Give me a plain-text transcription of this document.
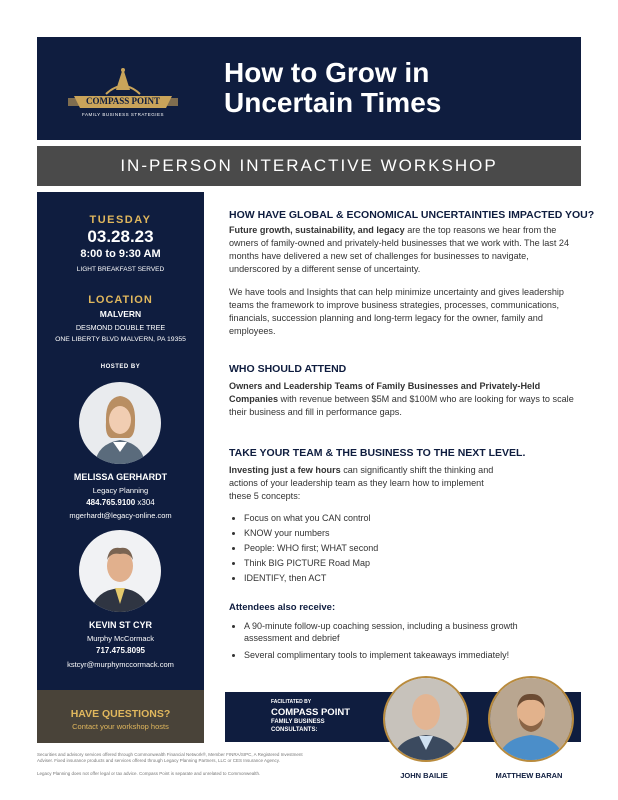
COMPASS POINT
FAMILY BUSINESS STRATEGIES
How to Grow in
Uncertain Times
IN-PERSON INTERACTIVE WORKSHOP
TUESDAY
03.28.23
8:00 to 9:30 AM
LIGHT BREAKFAST SERVED
LOCATION
MALVERN
DESMOND DOUBLE TREE
ONE LIBERTY BLVD MALVERN, PA 19355
HOSTED BY
MELISSA GERHARDT
Legacy Planning
484.765.9100 x304
mgerhardt@legacy-online.com
KEVIN ST CYR
Murphy McCormack
717.475.8095
kstcyr@murphymccormack.com
HAVE QUESTIONS?
Contact your workshop hosts
HOW HAVE GLOBAL & ECONOMICAL UNCERTAINTIES IMPACTED YOU?
Future growth, sustainability, and legacy are the top reasons we hear from the owners of family-owned and privately-held businesses that we work with. The last 24 months have delivered a new set of challenges for businesses to navigate, underscored by a different sense of uncertainty.
We have tools and Insights that can help minimize uncertainty and gives leadership teams the framework to improve business strategies, processes, communications, financials, succession planning and long-term legacy for the owner, family and employees.
WHO SHOULD ATTEND
Owners and Leadership Teams of Family Businesses and Privately-Held Companies with revenue between $5M and $100M who are looking for ways to scale their business and fill in performance gaps.
TAKE YOUR TEAM & THE BUSINESS TO THE NEXT LEVEL.
Investing just a few hours can significantly shift the thinking and actions of your leadership team as they learn how to implement these 5 concepts:
• Focus on what you CAN control
• KNOW your numbers
• People: WHO first; WHAT second
• Think BIG PICTURE Road Map
• IDENTIFY, then ACT
Attendees also receive:
• A 90-minute follow-up coaching session, including a business growth assessment and debrief
• Several complimentary tools to implement takeaways immediately!
FACILITATED BY
COMPASS POINT
FAMILY BUSINESS
CONSULTANTS:
JOHN BAILIE	MATTHEW BARAN
Securities and advisory services offered through Commonwealth Financial Network®, Member FINRA/SIPC, A Registered Investment
Adviser. Fixed insurance products and services offered through Legacy Planning Partners, LLC or CES Insurance Agency.
Legacy Planning does not offer legal or tax advice. Compass Point is separate and unrelated to Commonwealth.
